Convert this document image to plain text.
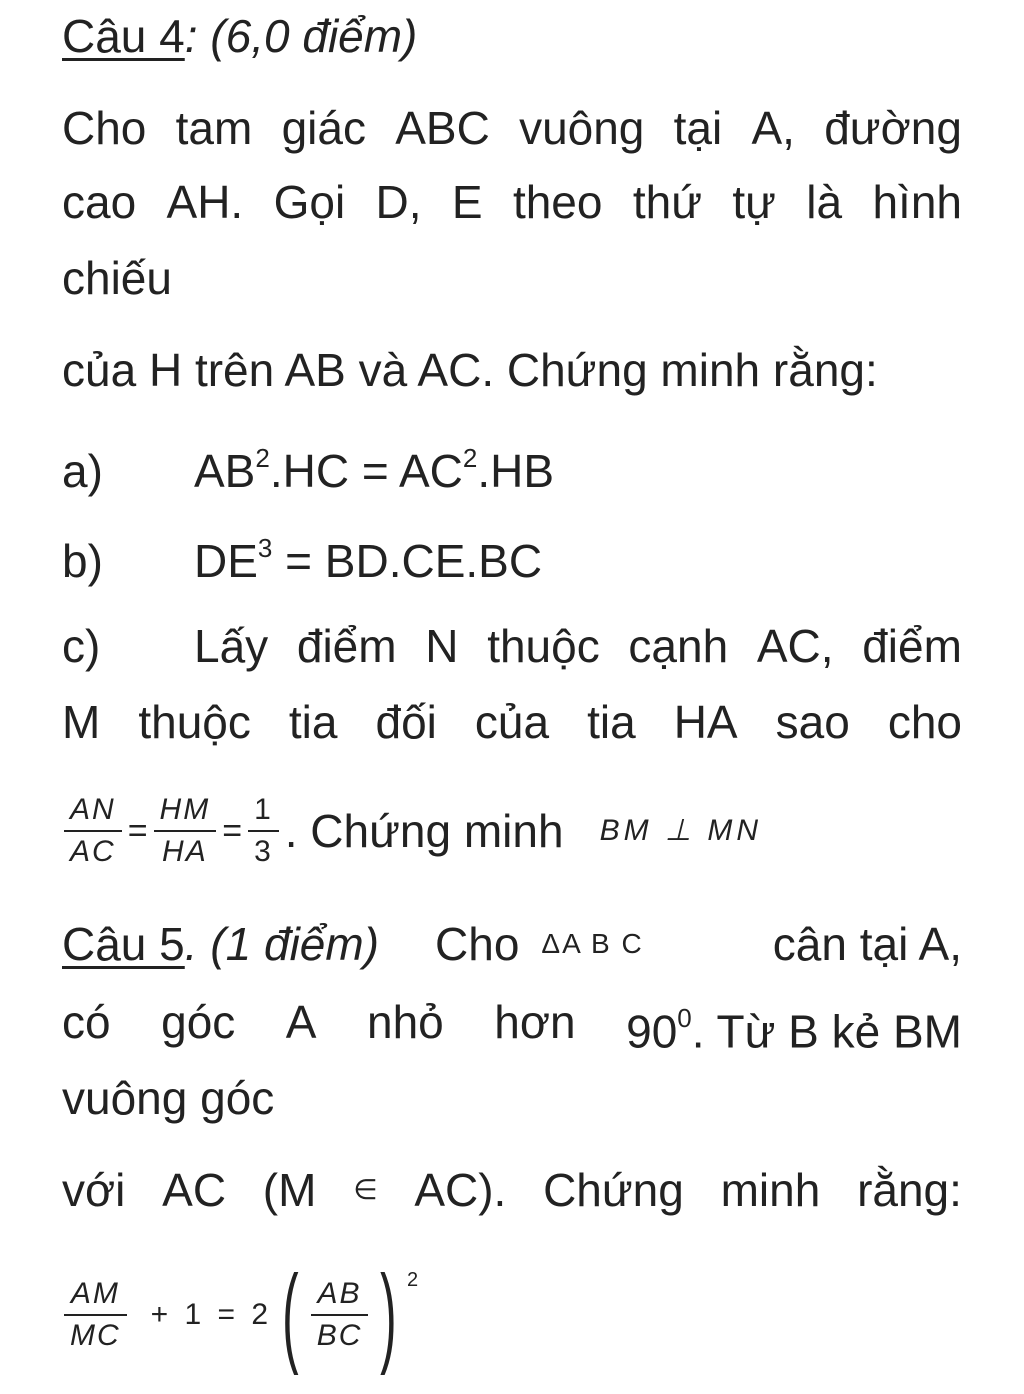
Câu 4: (6,0 điểm)
Cho tam giác ABC vuông tại A, đường
cao AH. Gọi D, E theo thứ tự là hình
chiếu
của H trên AB và AC. Chứng minh rằng:
a) $AB^2.HC = AC^2.HB$
b) $DE^3 = BD.CE.BC$
c)	Lấy điểm N thuộc cạnh AC, điểm
M thuộc tia đối của tia HA sao cho
$\frac{AN}{AC} = \frac{HM}{HA} = \frac{1}{3}$ . Chứng minh BM ⊥ MN
Câu 5 . (1 điểm) Cho ΔA B C	cân tại A,
có góc A nhỏ hơn $90^0$. Từ B kẻ BM
vuông góc
với AC (M ∈ AC). Chứng minh rằng:
$\frac{AM}{MC} + 1 = 2$ ( $\frac{AB}{BC}$ ) 2
